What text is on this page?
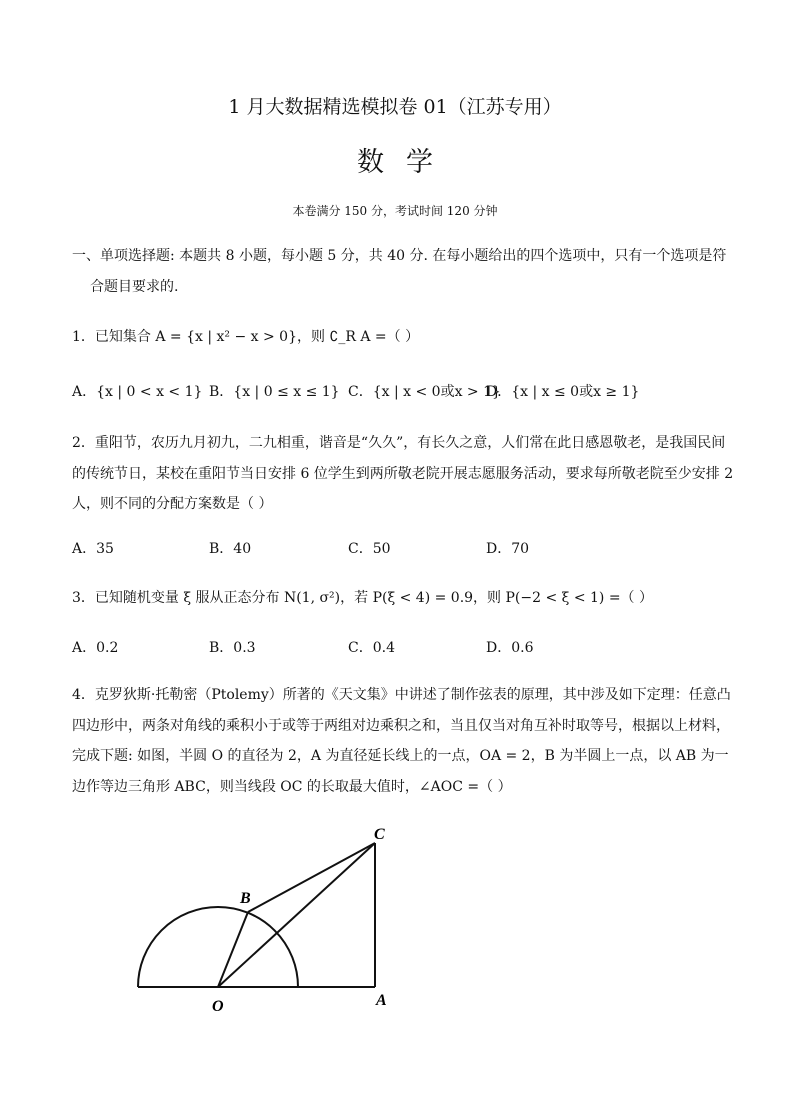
1 月大数据精选模拟卷 01（江苏专用）
数学
本卷满分 150 分，考试时间 120 分钟
一、单项选择题: 本题共 8 小题，每小题 5 分，共 40 分. 在每小题给出的四个选项中，只有一个选项是符
合题目要求的.
1．已知集合 A = {x | x² − x > 0}，则 ∁_R A =（ ）
A．{x | 0 < x < 1} B．{x | 0 ≤ x ≤ 1} C．{x | x < 0或x > 1}
D．{x | x ≤ 0或x ≥ 1}
2．重阳节，农历九月初九，二九相重，谐音是“久久”，有长久之意，人们常在此日感恩敬老，是我国民间
的传统节日，某校在重阳节当日安排 6 位学生到两所敬老院开展志愿服务活动，要求每所敬老院至少安排 2
人，则不同的分配方案数是（ ）
A．35	B．40	C．50	D．70
3．已知随机变量 ξ 服从正态分布 N(1, σ²)，若 P(ξ < 4) = 0.9，则 P(−2 < ξ < 1) =（ ）
A．0.2	B．0.3	C．0.4	D．0.6
4．克罗狄斯·托勒密（Ptolemy）所著的《天文集》中讲述了制作弦表的原理，其中涉及如下定理：任意凸
四边形中，两条对角线的乘积小于或等于两组对边乘积之和，当且仅当对角互补时取等号，根据以上材料，
完成下题: 如图，半圆 O 的直径为 2，A 为直径延长线上的一点，OA = 2，B 为半圆上一点，以 AB 为一
边作等边三角形 ABC，则当线段 OC 的长取最大值时，∠AOC =（ ）
C
B
O	A
